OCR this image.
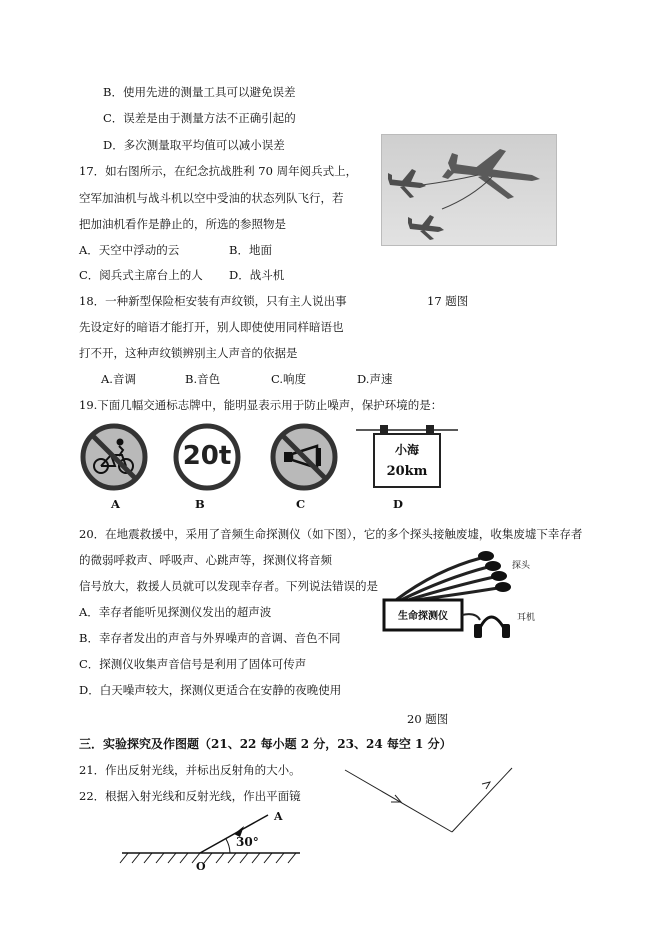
B．使用先进的测量工具可以避免误差
C．误差是由于测量方法不正确引起的
D．多次测量取平均值可以减小误差
17．如右图所示，在纪念抗战胜利 70 周年阅兵式上，
空军加油机与战斗机以空中受油的状态列队飞行，若
把加油机看作是静止的，所选的参照物是
A．天空中浮动的云	B．地面
C．阅兵式主席台上的人 D．战斗机
17 题图
18．一种新型保险柜安装有声纹锁，只有主人说出事
先设定好的暗语才能打开，别人即使使用同样暗语也
打不开，这种声纹锁辨别主人声音的依据是
A.音调	B.音色	C.响度	D.声速
19.下面几幅交通标志牌中，能明显表示用于防止噪声，保护环境的是：
20t	小海
20km
A	B	C	D
20．在地震救援中，采用了音频生命探测仪（如下图），它的多个探头接触废墟，收集废墟下幸存者
的微弱呼救声、呼吸声、心跳声等，探测仪将音频
信号放大，救援人员就可以发现幸存者。下列说法错误的是
A．幸存者能听见探测仪发出的超声波
B．幸存者发出的声音与外界噪声的音调、音色不同
C．探测仪收集声音信号是利用了固体可传声
D．白天噪声较大，探测仪更适合在安静的夜晚使用
生命探测仪
探头
耳机
20 题图
三．实验探究及作图题（21、22 每小题 2 分，23、24 每空 1 分）
21．作出反射光线，并标出反射角的大小。
22．根据入射光线和反射光线，作出平面镜
30°
A
O
